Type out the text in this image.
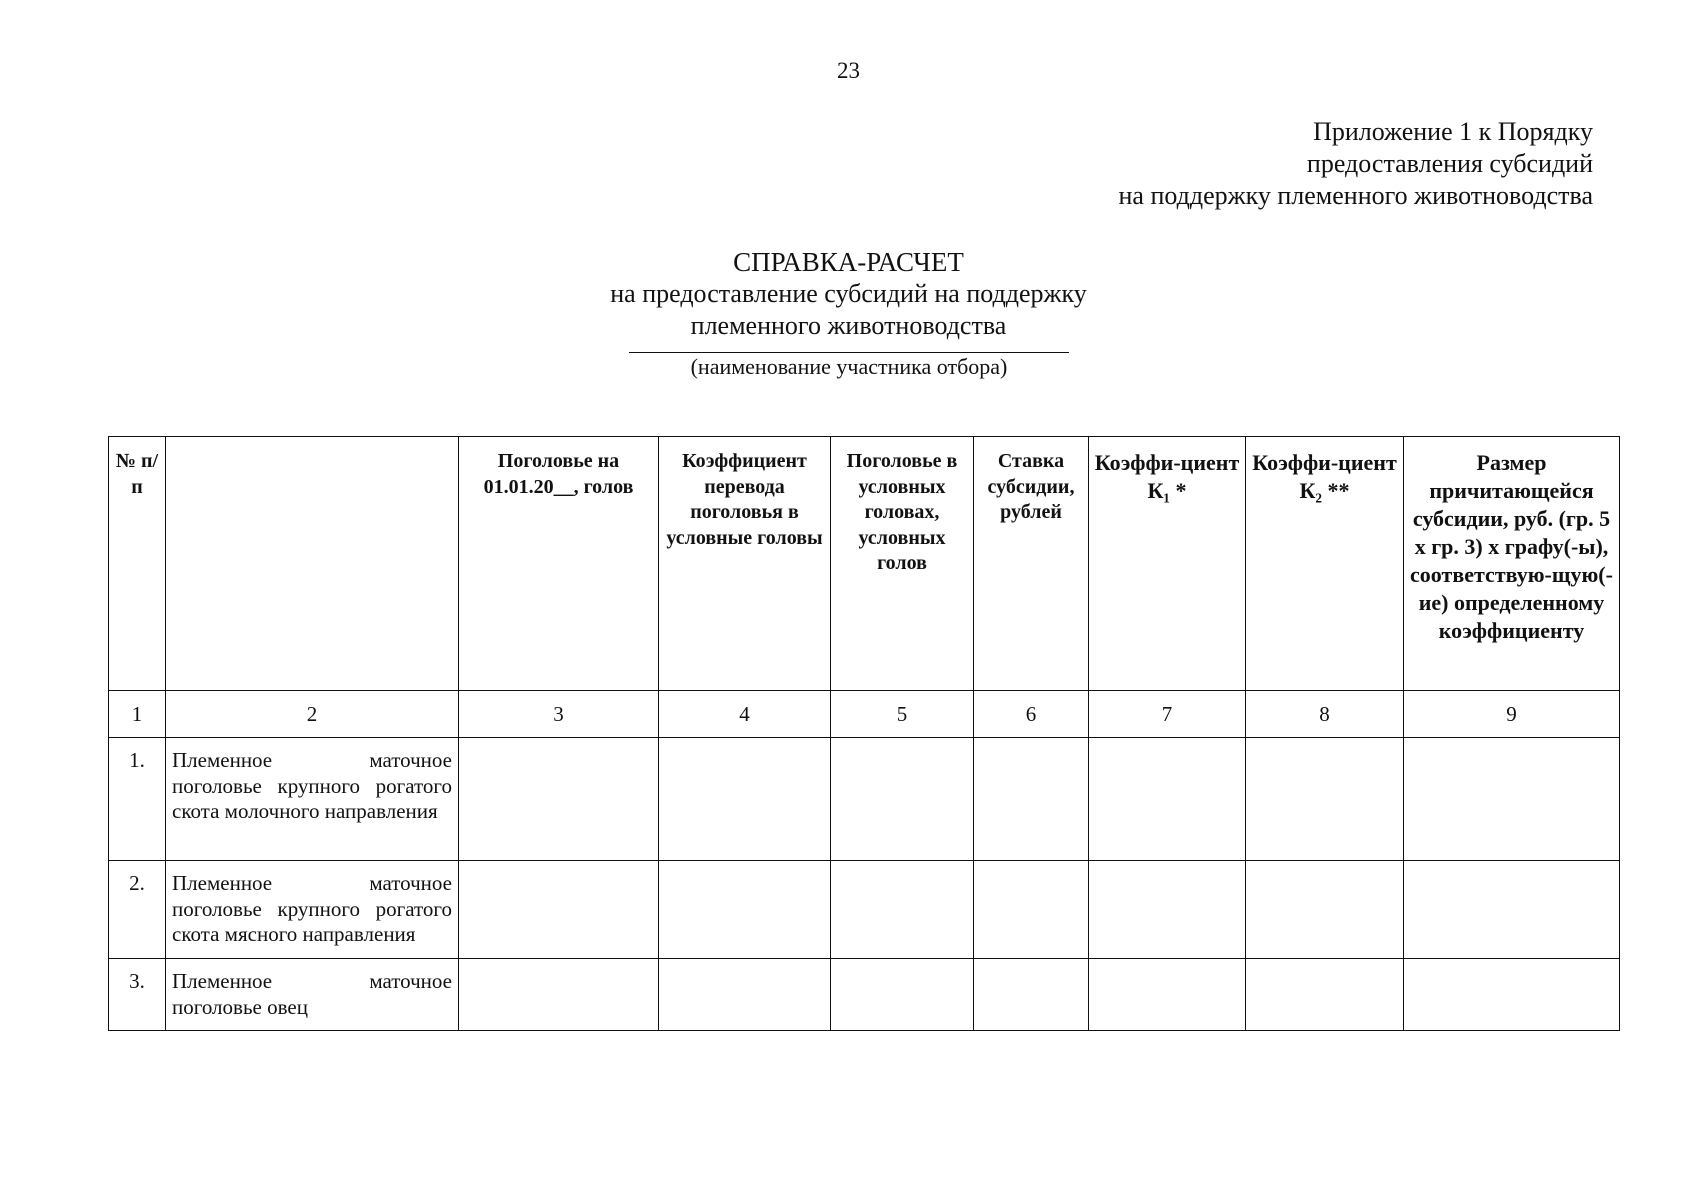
23
Приложение 1 к Порядку
предоставления субсидий
на поддержку племенного животноводства
СПРАВКА-РАСЧЕТ
на предоставление субсидий на поддержку
племенного животноводства
(наименование участника отбора)
№ п/п		Поголовье на 01.01.20__, голов	Коэффициент перевода поголовья в условные головы	Поголовье в условных головах, условных голов	Ставка субсидии, рублей	Коэффи-циент К₁ *	Коэффи-циент К₂ **	Размер причитающейся субсидии, руб. (гр. 5 х гр. 3) х графу(-ы), соответствую-щую(-ие) определенному коэффициенту
1	2	3	4	5	6	7	8	9
1.	Племенное маточное поголовье крупного рогатого скота молочного направления							
2.	Племенное маточное поголовье крупного рогатого скота мясного направления							
3.	Племенное маточное поголовье овец							
